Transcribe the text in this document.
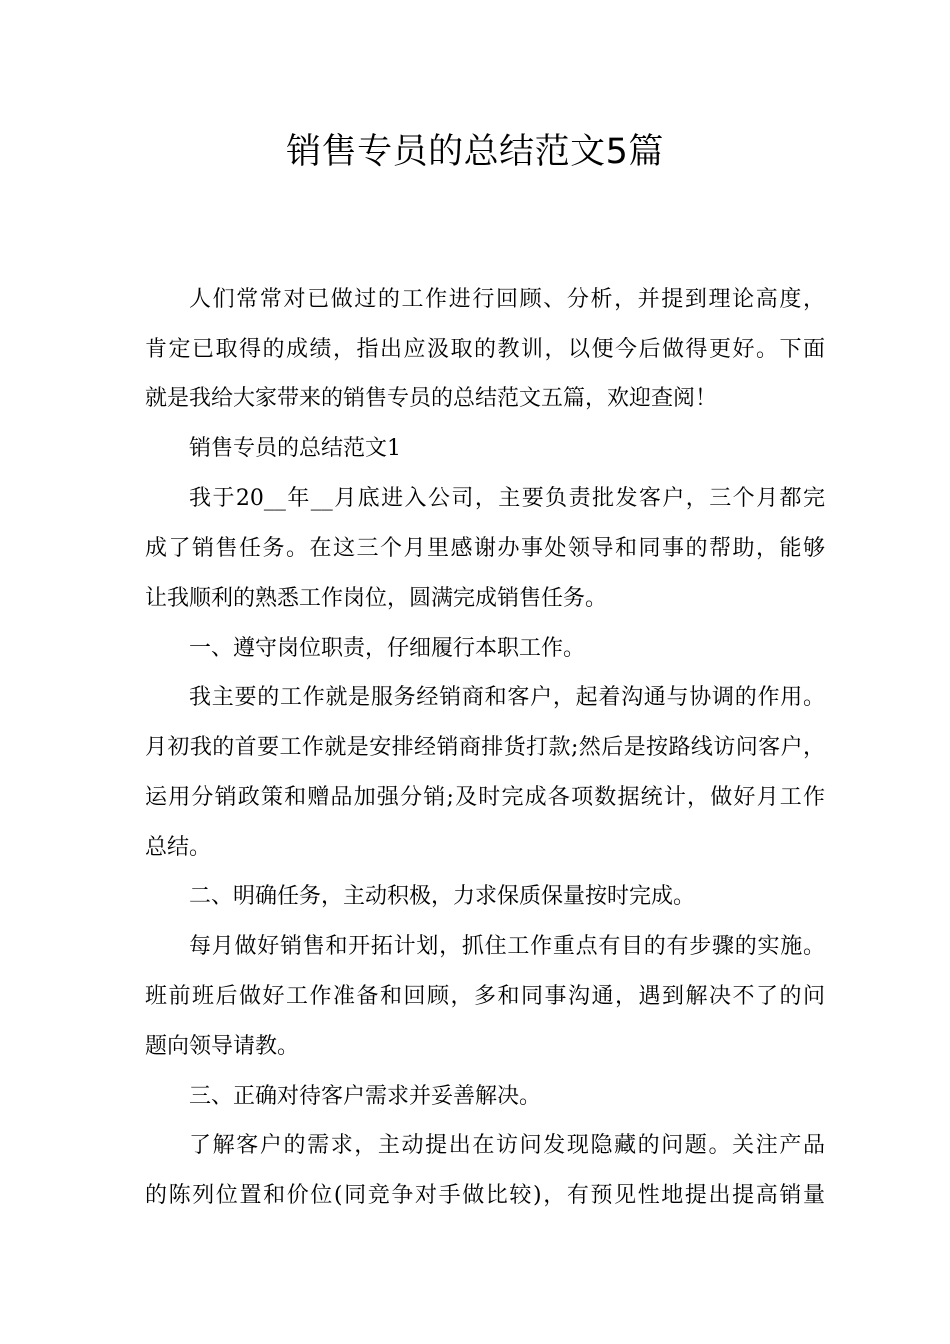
销售专员的总结范文5篇
人们常常对已做过的工作进行回顾、分析，并提到理论高度，
肯定已取得的成绩，指出应汲取的教训，以便今后做得更好。下面
就是我给大家带来的销售专员的总结范文五篇，欢迎查阅！
销售专员的总结范文1
我于20__年__月底进入公司，主要负责批发客户，三个月都完
成了销售任务。在这三个月里感谢办事处领导和同事的帮助，能够
让我顺利的熟悉工作岗位，圆满完成销售任务。
一、遵守岗位职责，仔细履行本职工作。
我主要的工作就是服务经销商和客户，起着沟通与协调的作用。
月初我的首要工作就是安排经销商排货打款;然后是按路线访问客户，
运用分销政策和赠品加强分销;及时完成各项数据统计，做好月工作
总结。
二、明确任务，主动积极，力求保质保量按时完成。
每月做好销售和开拓计划，抓住工作重点有目的有步骤的实施。
班前班后做好工作准备和回顾，多和同事沟通，遇到解决不了的问
题向领导请教。
三、正确对待客户需求并妥善解决。
了解客户的需求，主动提出在访问发现隐藏的问题。关注产品
的陈列位置和价位(同竞争对手做比较)，有预见性地提出提高销量
